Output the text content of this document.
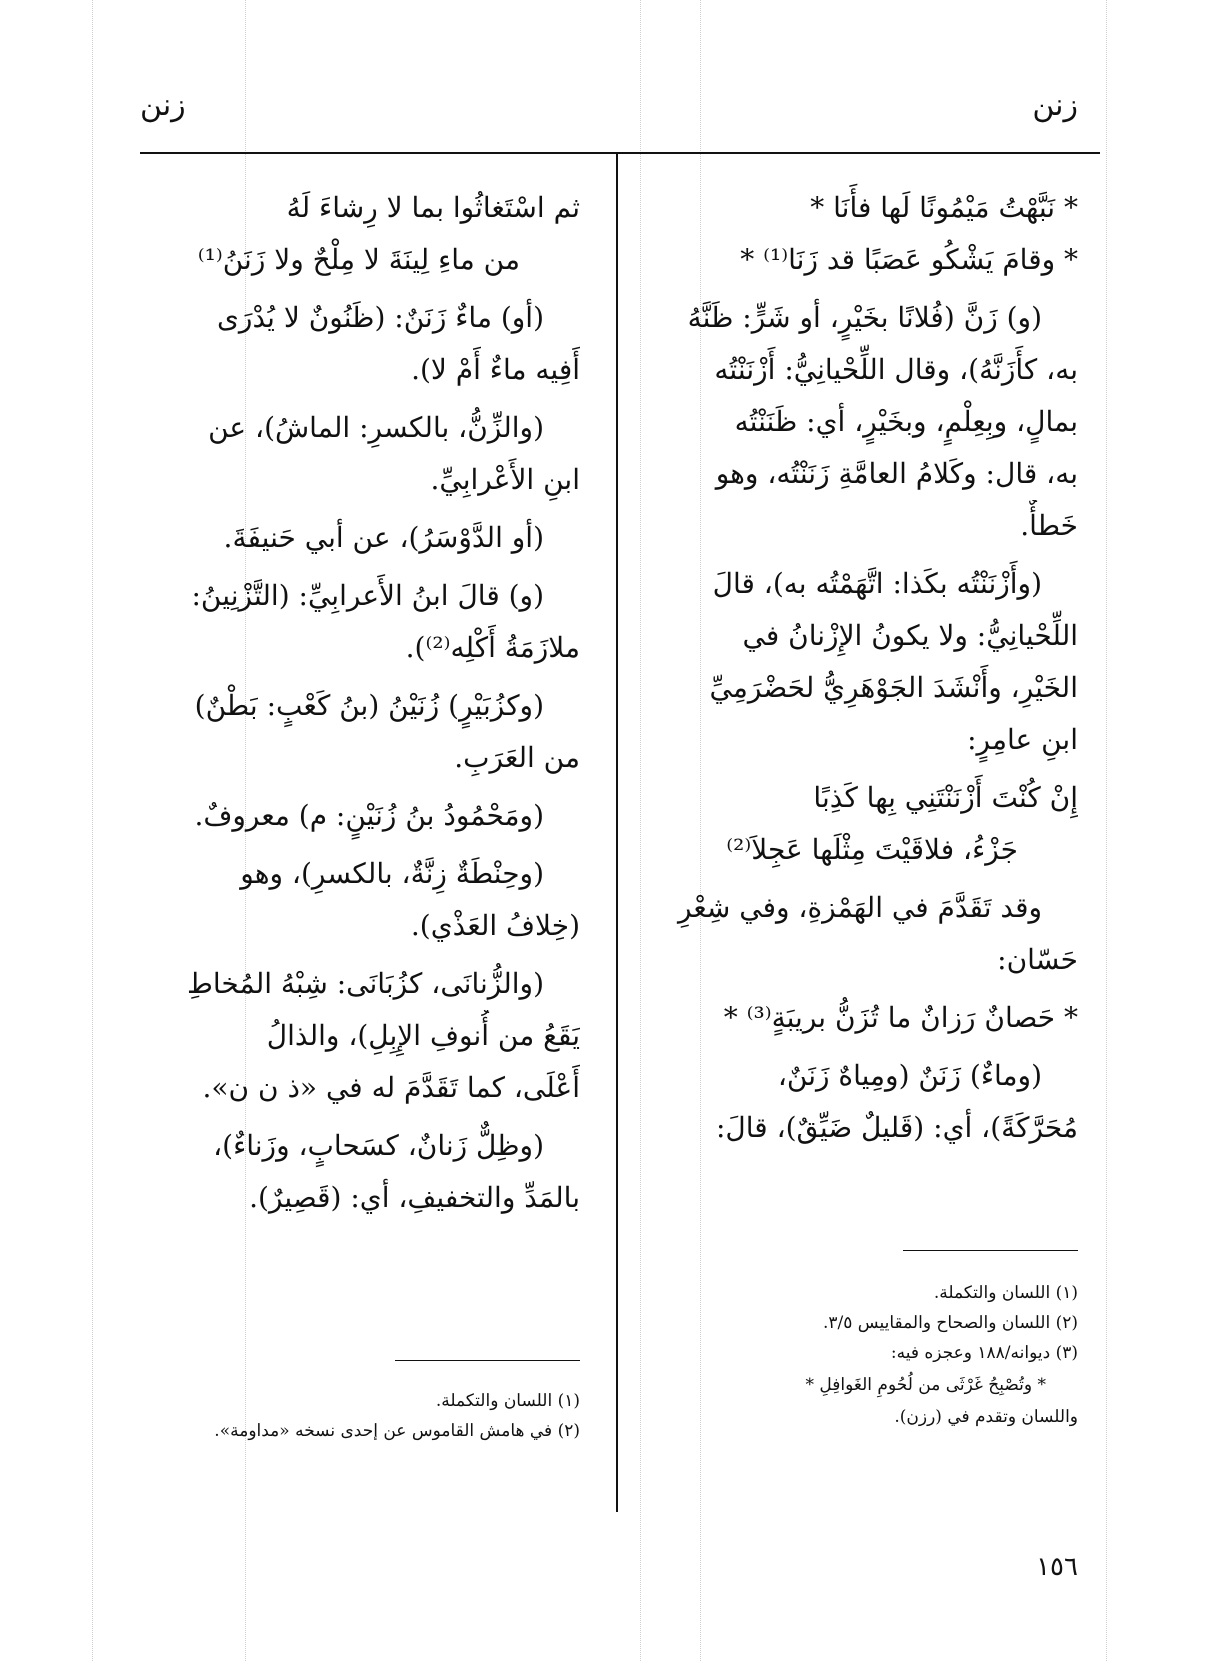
زنن
زنن

* نَبَّهْتُ مَيْمُونًا لَها فأَنَا *

* وقامَ يَشْكُو عَصَبًا قد زَنَا⁽¹⁾ *

(و) زَنَّ (فُلانًا بخَيْرٍ، أو شَرٍّ: ظَنَّهُ

به، كأَزَنَّهُ)، وقال اللِّحْيانِيُّ: أَزْنَنْتُه

بمالٍ، وبِعِلْمٍ، وبخَيْرٍ، أي: ظَنَنْتُه

به، قال: وكَلامُ العامَّةِ زَنَنْتُه، وهو

خَطأٌ.

(وأَزْنَنْتُه بكَذا: اتَّهَمْتُه به)، قالَ

اللِّحْيانِيُّ: ولا يكونُ الإِزْنانُ في

الخَيْرِ، وأَنْشَدَ الجَوْهَرِيُّ لحَضْرَمِيِّ

ابنِ عامِرٍ:

إِنْ كُنْتَ أَزْنَنْتَنِي بِها كَذِبًا

جَزْءُ، فلاقَيْتَ مِثْلَها عَجِلاَ⁽²⁾

وقد تَقَدَّمَ في الهَمْزةِ، وفي شِعْرِ

حَسّان:

* حَصانٌ رَزانٌ ما تُزَنُّ بريبَةٍ⁽³⁾ *

(وماءٌ) زَنَنٌ (ومِياهٌ زَنَنٌ،

مُحَرَّكَةً)، أي: (قَليلٌ ضَيِّقٌ)، قالَ:

(١) اللسان والتكملة.
(٢) اللسان والصحاح والمقاييس ٣/٥.
(٣) ديوانه/١٨٨ وعجزه فيه:
* وتُصْبِحُ غَرْثَى من لُحُومِ الغَوافِلِ *
واللسان وتقدم في (رزن).

ثم اسْتَغاثُوا بما لا رِشاءَ لَهُ

من ماءِ لِينَةَ لا مِلْحٌ ولا زَنَنُ⁽¹⁾

(أو) ماءٌ زَنَنٌ: (ظَنُونٌ لا يُدْرَى

أَفِيه ماءٌ أَمْ لا).

(والزِّنُّ، بالكسرِ: الماشُ)، عن

ابنِ الأَعْرابِيِّ.

(أو الدَّوْسَرُ)، عن أبي حَنيفَةَ.

(و) قالَ ابنُ الأَعرابِيِّ: (التَّزْنِينُ:

ملازَمَةُ أَكْلِه⁽²⁾).

(وكزُبَيْرٍ) زُنَيْنُ (بنُ كَعْبٍ: بَطْنٌ)

من العَرَبِ.

(ومَحْمُودُ بنُ زُنَيْنٍ: م) معروفٌ.

(وحِنْطَةٌ زِنَّةٌ، بالكسرِ)، وهو

(خِلافُ العَذْي).

(والزُّنانَى، كزُبَانَى: شِبْهُ المُخاطِ

يَقَعُ من أُنوفِ الإِبِلِ)، والذالُ

أَعْلَى، كما تَقَدَّمَ له في «ذ ن ن».

(وظِلٌّ زَنانٌ، كسَحابٍ، وزَناءٌ)،

بالمَدِّ والتخفيفِ، أي: (قَصِيرٌ).

(١) اللسان والتكملة.
(٢) في هامش القاموس عن إحدى نسخه «مداومة».
١٥٦
